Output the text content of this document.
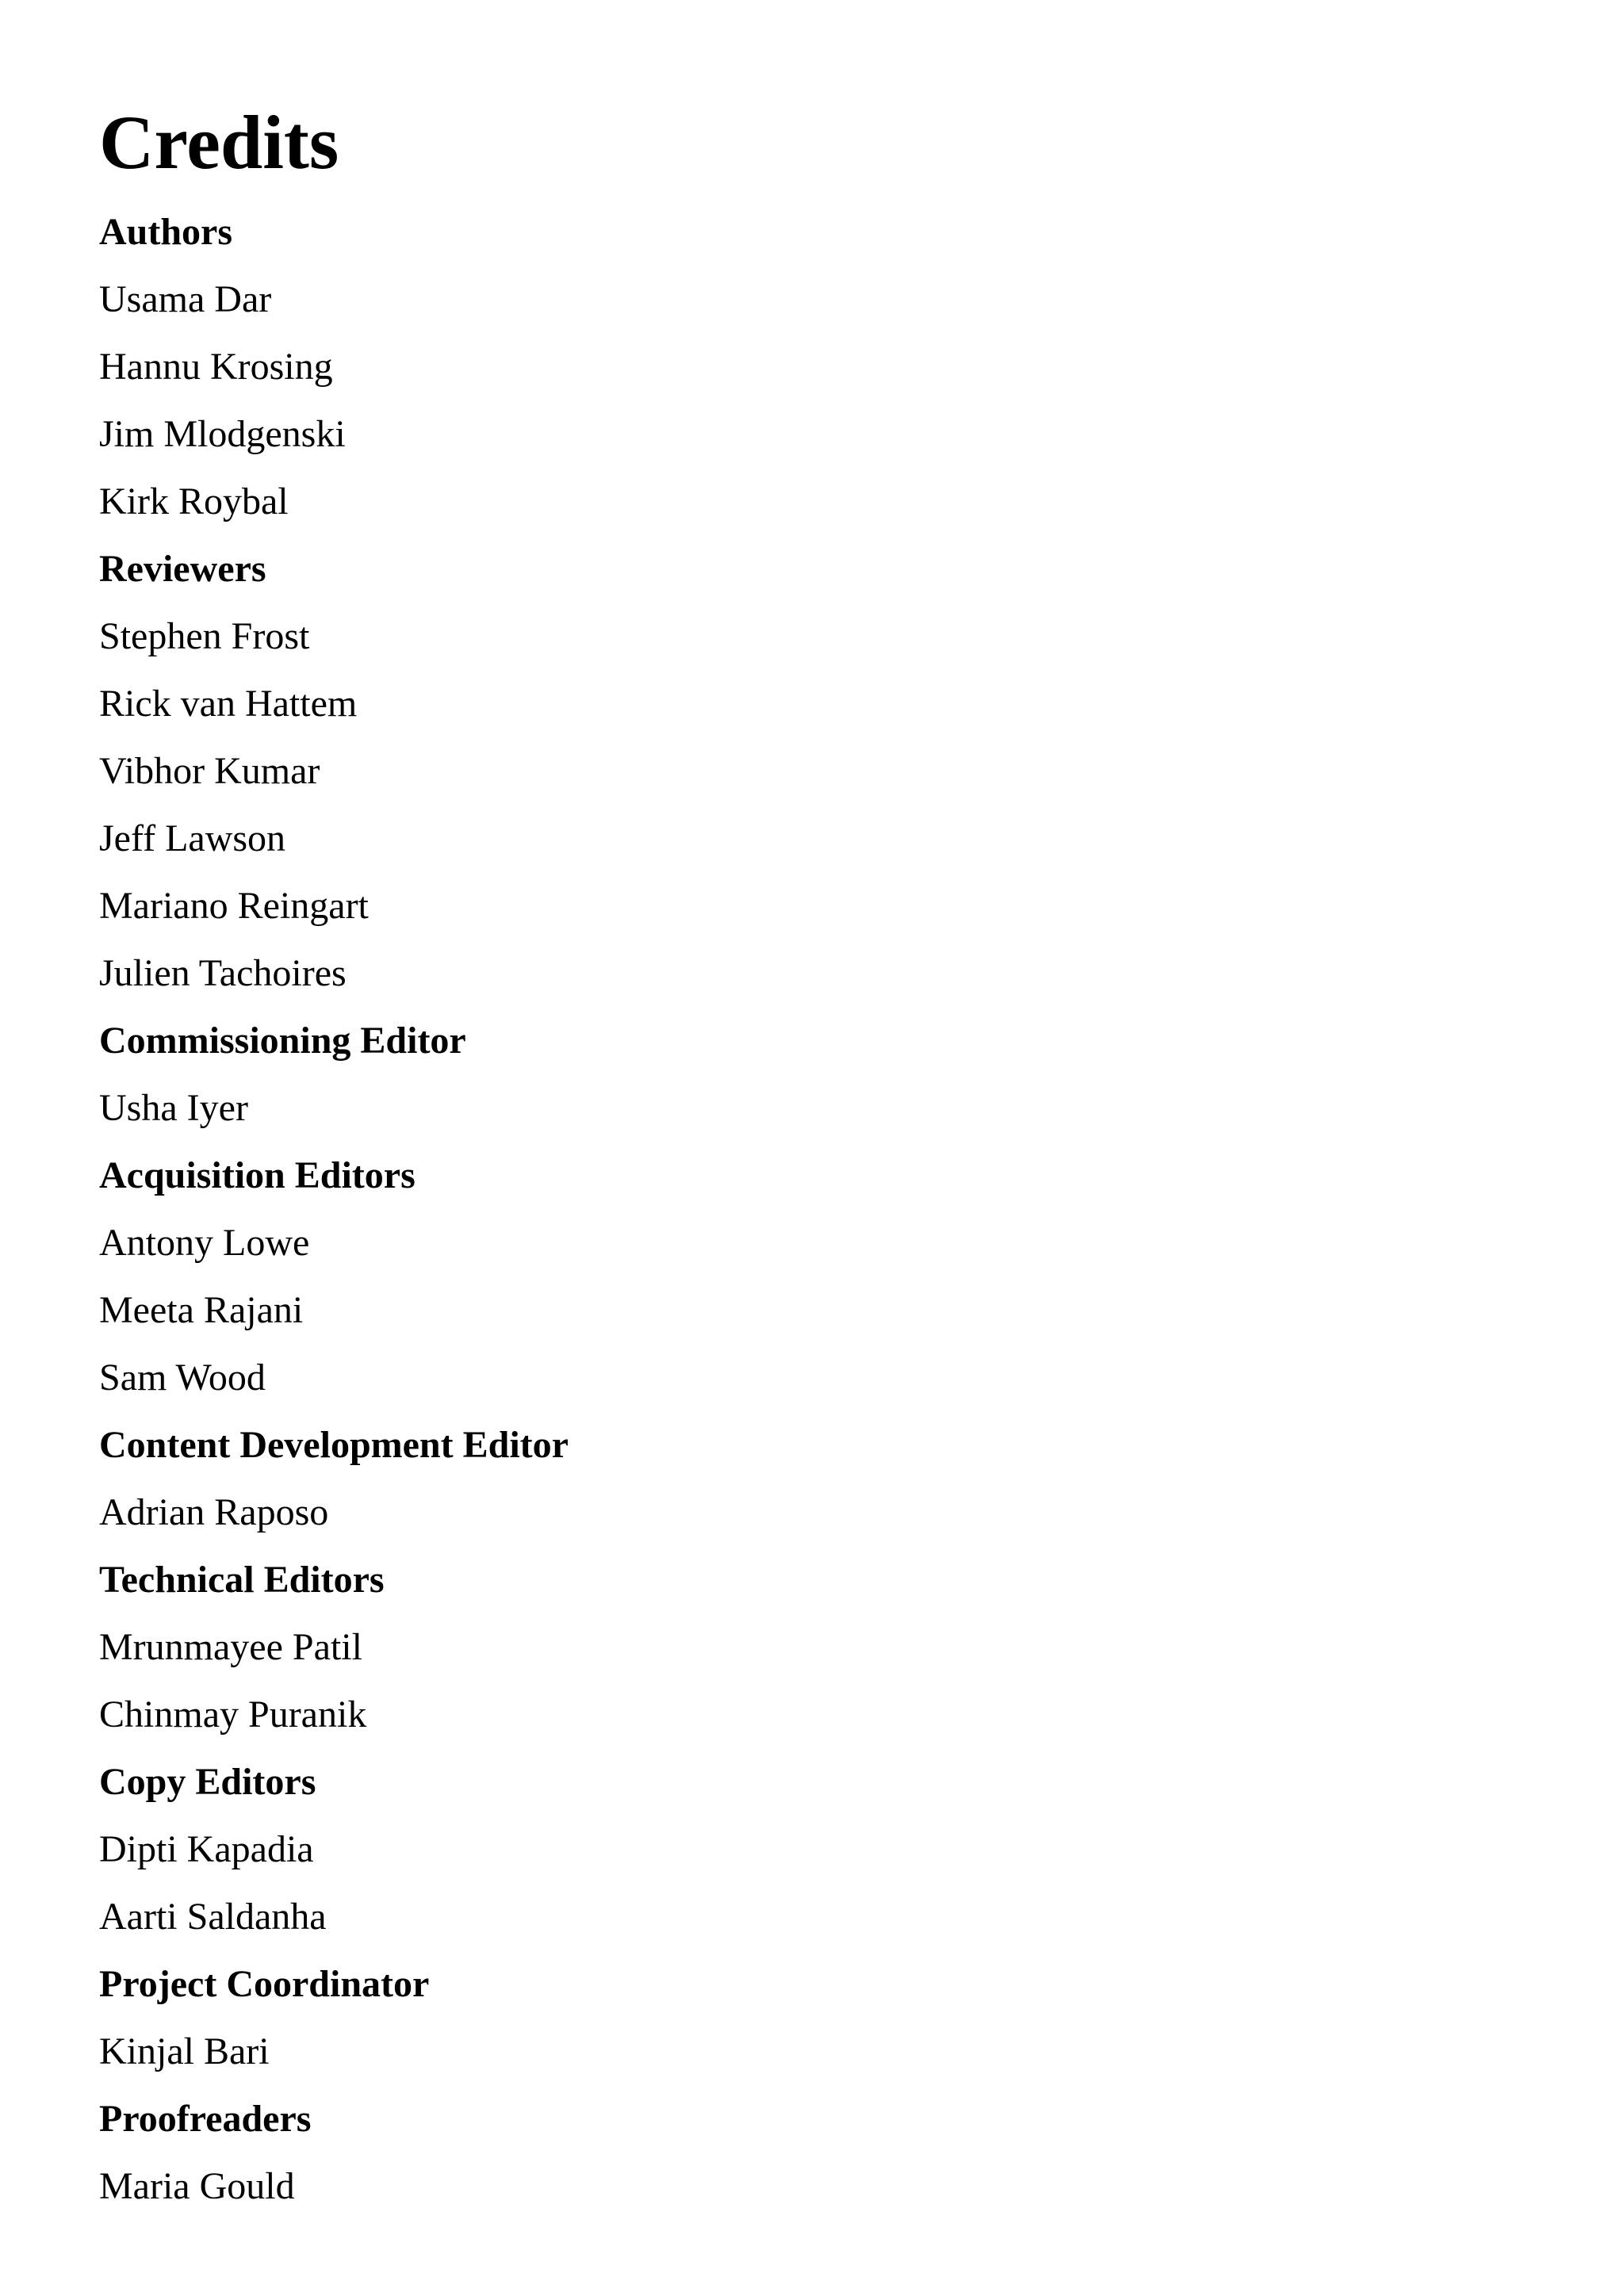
Credits
Authors
Usama Dar
Hannu Krosing
Jim Mlodgenski
Kirk Roybal
Reviewers
Stephen Frost
Rick van Hattem
Vibhor Kumar
Jeff Lawson
Mariano Reingart
Julien Tachoires
Commissioning Editor
Usha Iyer
Acquisition Editors
Antony Lowe
Meeta Rajani
Sam Wood
Content Development Editor
Adrian Raposo
Technical Editors
Mrunmayee Patil
Chinmay Puranik
Copy Editors
Dipti Kapadia
Aarti Saldanha
Project Coordinator
Kinjal Bari
Proofreaders
Maria Gould
